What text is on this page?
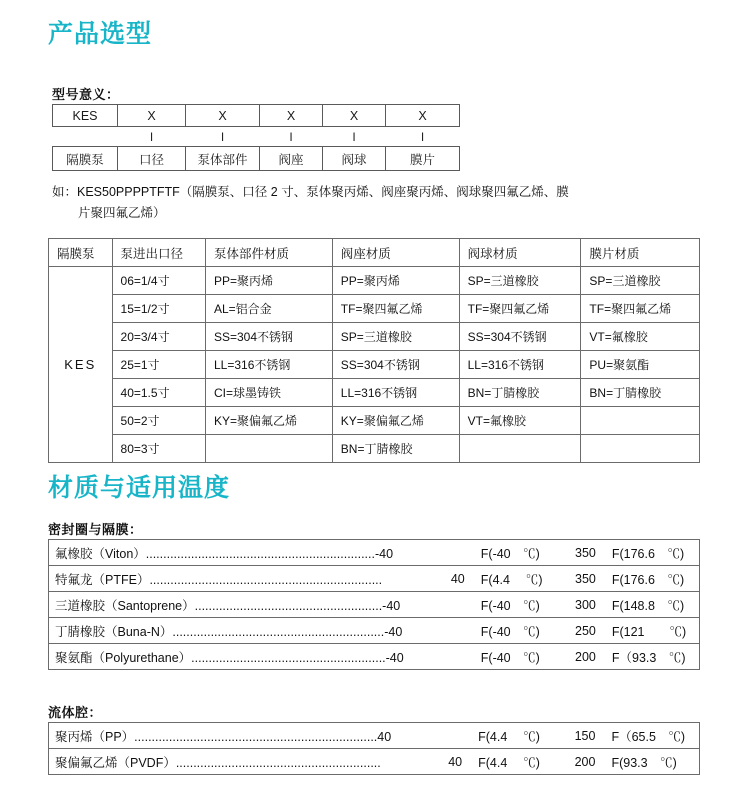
产品选型
型号意义：
KES	X	X	X	X	X
	I	I	I	I	I
隔膜泵	口径	泵体部件	阀座	阀球	膜片
如：KES50PPPPTFTF（隔膜泵、口径 2 寸、泵体聚丙烯、阀座聚丙烯、阀球聚四氟乙烯、膜
片聚四氟乙烯）
隔膜泵	泵进出口径	泵体部件材质	阀座材质	阀球材质	膜片材质
KES	06=1/4寸	PP=聚丙烯	PP=聚丙烯	SP=三道橡胶	SP=三道橡胶
	15=1/2寸	AL=铝合金	TF=聚四氟乙烯	TF=聚四氟乙烯	TF=聚四氟乙烯
	20=3/4寸	SS=304不锈钢	SP=三道橡胶	SS=304不锈钢	VT=氟橡胶
	25=1寸	LL=316不锈钢	SS=304不锈钢	LL=316不锈钢	PU=聚氨酯
	40=1.5寸	CI=球墨铸铁	LL=316不锈钢	BN=丁腈橡胶	BN=丁腈橡胶
	50=2寸	KY=聚偏氟乙烯	KY=聚偏氟乙烯	VT=氟橡胶	
	80=3寸		BN=丁腈橡胶		
材质与适用温度
密封圈与隔膜：
氟橡胶（Viton）..................................................................-40		F(-40　℃)	350	F(176.6　℃)
特氟龙（PTFE）...................................................................	40	F(4.4　 ℃)	350	F(176.6　℃)
三道橡胶（Santoprene）......................................................-40		F(-40　℃)	300	F(148.8　℃)
丁腈橡胶（Buna-N）.............................................................-40		F(-40　℃)	250	F(121　　℃)
聚氨酯（Polyurethane）........................................................-40		F(-40　℃)	200	F（93.3　℃)
流体腔：
聚丙烯（PP）......................................................................40		F(4.4　 ℃)	150	F（65.5　℃)
聚偏氟乙烯（PVDF）...........................................................	40	F(4.4　 ℃)	200	F(93.3　℃)
